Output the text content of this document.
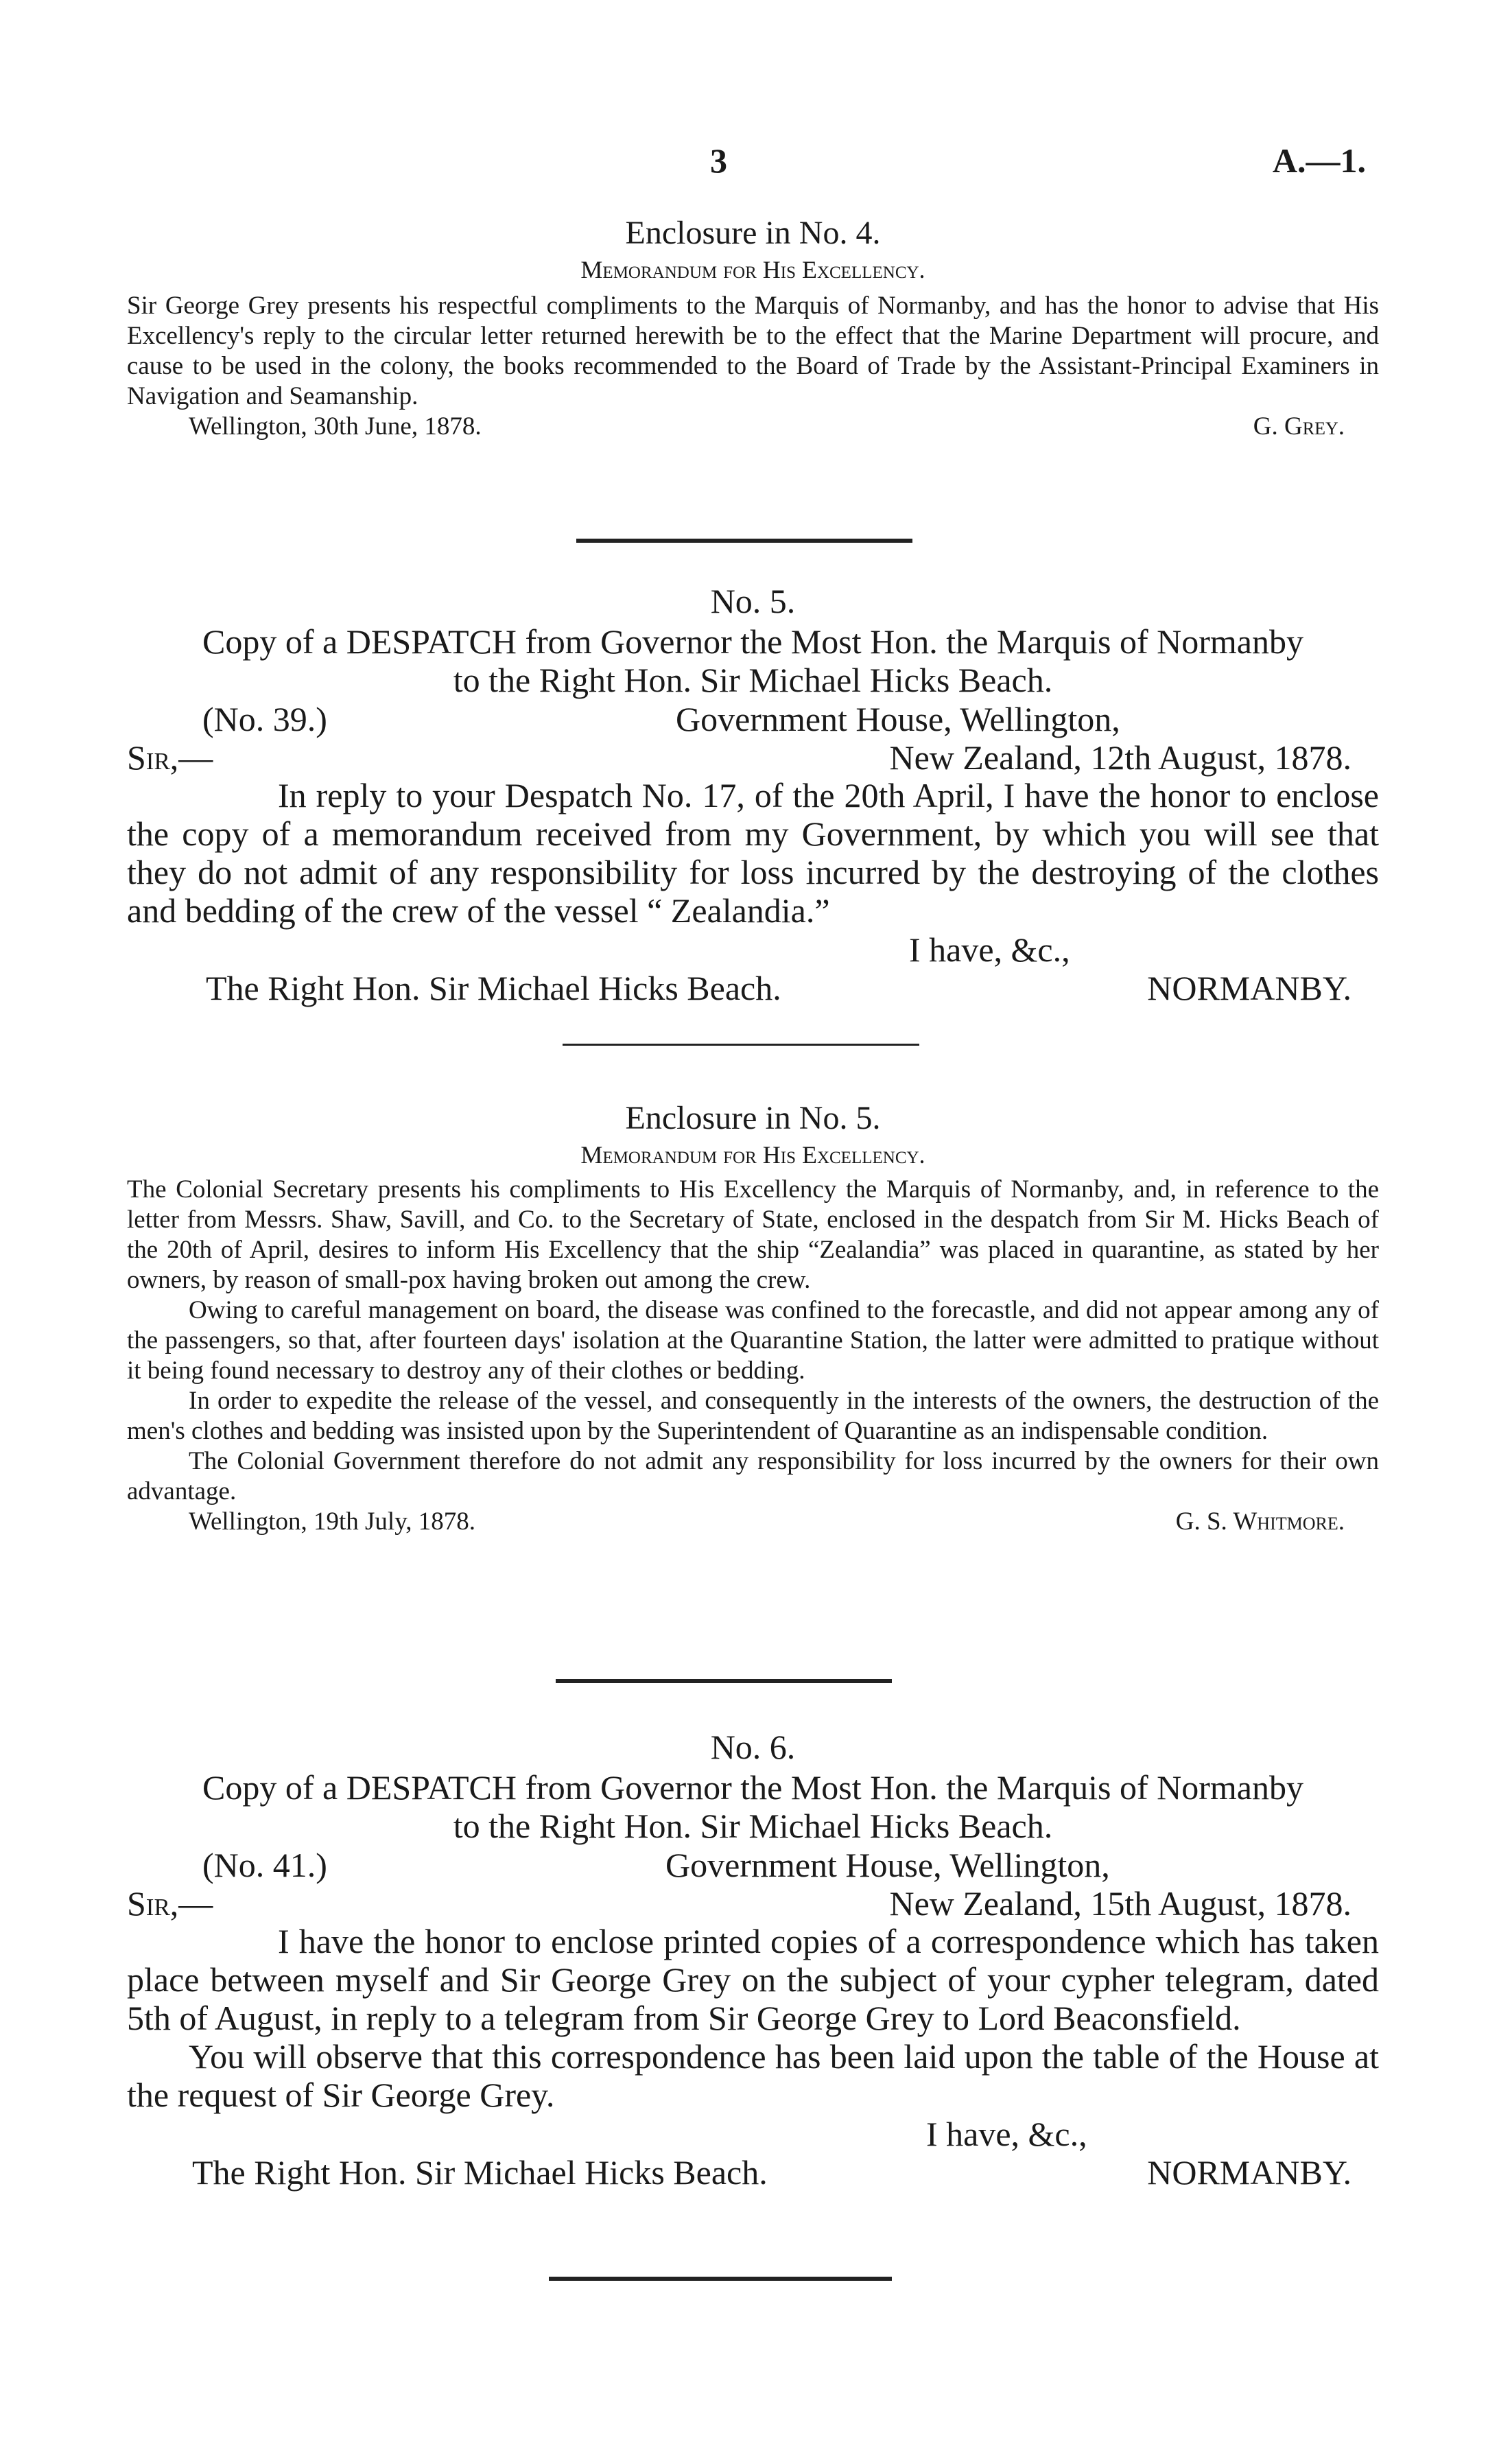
3	A.—1.
Enclosure in No. 4.
Memorandum for His Excellency.

Sir George Grey presents his respectful compliments to the Marquis of Normanby, and has the honor to advise that His Excellency's reply to the circular letter returned herewith be to the effect that the Marine Department will procure, and cause to be used in the colony, the books recommended to the Board of Trade by the Assistant-Principal Examiners in Navigation and Seamanship.

Wellington, 30th June, 1878.	G. Grey.
No. 5.
Copy of a DESPATCH from Governor the Most Hon. the Marquis of Normanby
to the Right Hon. Sir Michael Hicks Beach.
(No. 39.)	Government House, Wellington,
Sir,—	New Zealand, 12th August, 1878.

In reply to your Despatch No. 17, of the 20th April, I have the honor to enclose the copy of a memorandum received from my Government, by which you will see that they do not admit of any responsibility for loss incurred by the destroying of the clothes and bedding of the crew of the vessel “ Zealandia.”

I have, &c.,
The Right Hon. Sir Michael Hicks Beach.	NORMANBY.
Enclosure in No. 5.
Memorandum for His Excellency.

The Colonial Secretary presents his compliments to His Excellency the Marquis of Normanby, and, in reference to the letter from Messrs. Shaw, Savill, and Co. to the Secretary of State, enclosed in the despatch from Sir M. Hicks Beach of the 20th of April, desires to inform His Excellency that the ship “Zealandia” was placed in quarantine, as stated by her owners, by reason of small-pox having broken out among the crew.

Owing to careful management on board, the disease was confined to the forecastle, and did not appear among any of the passengers, so that, after fourteen days' isolation at the Quarantine Station, the latter were admitted to pratique without it being found necessary to destroy any of their clothes or bedding.

In order to expedite the release of the vessel, and consequently in the interests of the owners, the destruction of the men's clothes and bedding was insisted upon by the Superintendent of Quarantine as an indispensable condition.

The Colonial Government therefore do not admit any responsibility for loss incurred by the owners for their own advantage.

Wellington, 19th July, 1878.	G. S. Whitmore.
No. 6.
Copy of a DESPATCH from Governor the Most Hon. the Marquis of Normanby
to the Right Hon. Sir Michael Hicks Beach.
(No. 41.)	Government House, Wellington,
Sir,—	New Zealand, 15th August, 1878.

I have the honor to enclose printed copies of a correspondence which has taken place between myself and Sir George Grey on the subject of your cypher telegram, dated 5th of August, in reply to a telegram from Sir George Grey to Lord Beaconsfield.

You will observe that this correspondence has been laid upon the table of the House at the request of Sir George Grey.

I have, &c.,
The Right Hon. Sir Michael Hicks Beach.	NORMANBY.
